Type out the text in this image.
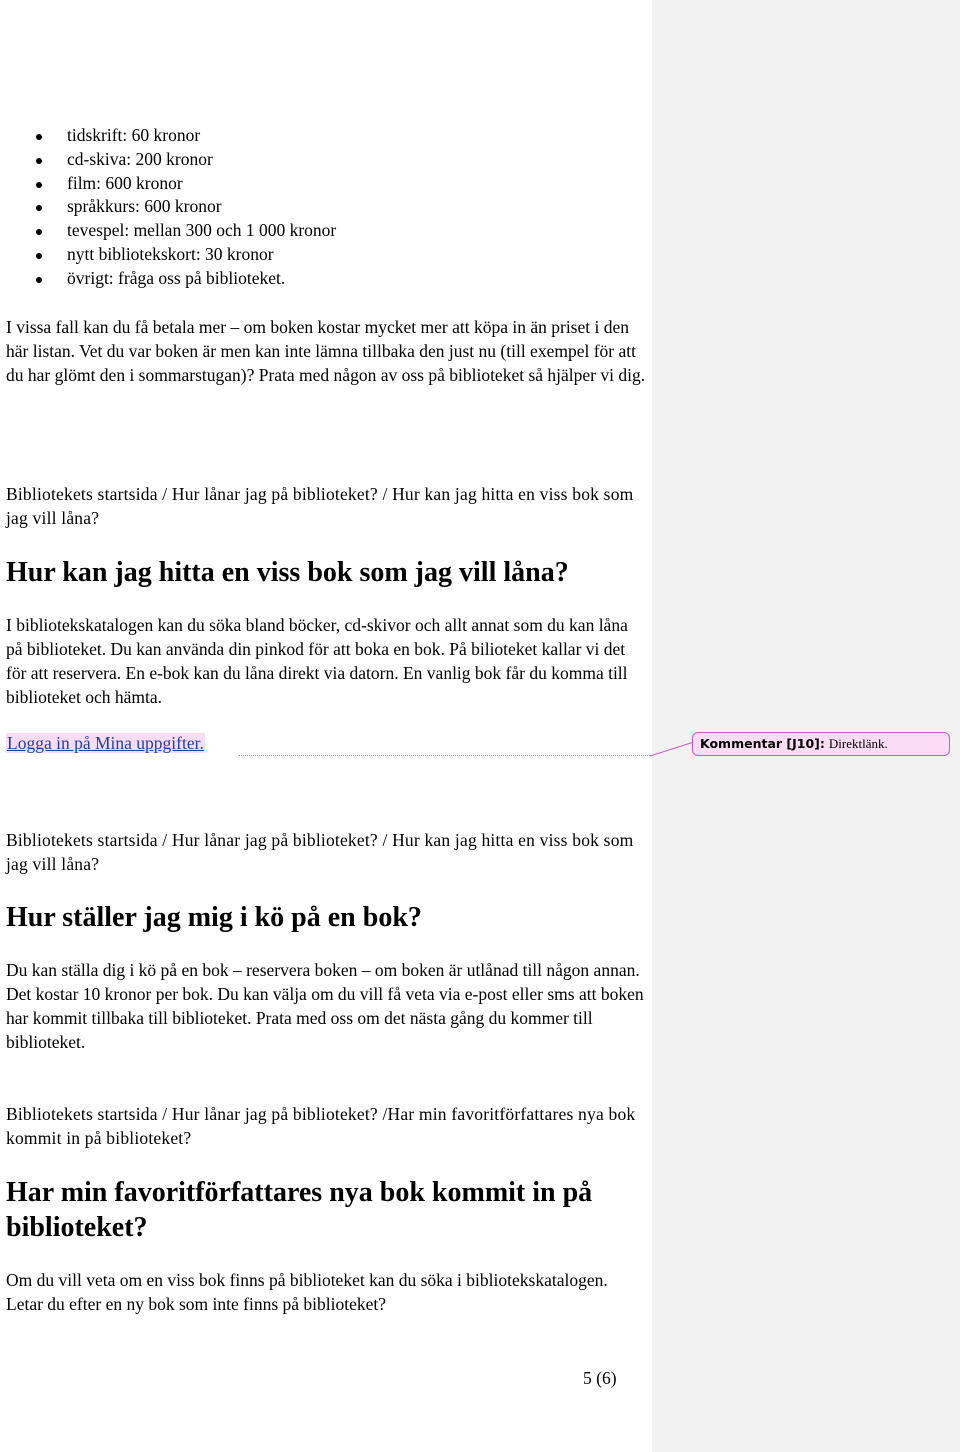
tidskrift: 60 kronor
cd-skiva: 200 kronor
film: 600 kronor
språkkurs: 600 kronor
tevespel: mellan 300 och 1 000 kronor
nytt bibliotekskort: 30 kronor
övrigt: fråga oss på biblioteket.

I vissa fall kan du få betala mer – om boken kostar mycket mer att köpa in än priset i den här listan. Vet du var boken är men kan inte lämna tillbaka den just nu (till exempel för att du har glömt den i sommarstugan)? Prata med någon av oss på biblioteket så hjälper vi dig.

Bibliotekets startsida / Hur lånar jag på biblioteket? / Hur kan jag hitta en viss bok som jag vill låna?

Hur kan jag hitta en viss bok som jag vill låna?

I bibliotekskatalogen kan du söka bland böcker, cd-skivor och allt annat som du kan låna på biblioteket. Du kan använda din pinkod för att boka en bok. På bilioteket kallar vi det för att reservera. En e-bok kan du låna direkt via datorn. En vanlig bok får du komma till biblioteket och hämta.

Logga in på Mina uppgifter.

Bibliotekets startsida / Hur lånar jag på biblioteket? / Hur kan jag hitta en viss bok som jag vill låna?

Hur ställer jag mig i kö på en bok?

Du kan ställa dig i kö på en bok – reservera boken – om boken är utlånad till någon annan. Det kostar 10 kronor per bok. Du kan välja om du vill få veta via e-post eller sms att boken har kommit tillbaka till biblioteket. Prata med oss om det nästa gång du kommer till biblioteket.

Bibliotekets startsida / Hur lånar jag på biblioteket? /Har min favoritförfattares nya bok kommit in på biblioteket?

Har min favoritförfattares nya bok kommit in på biblioteket?

Om du vill veta om en viss bok finns på biblioteket kan du söka i bibliotekskatalogen. Letar du efter en ny bok som inte finns på biblioteket?

5 (6)
Kommentar [J10]: Direktlänk.
